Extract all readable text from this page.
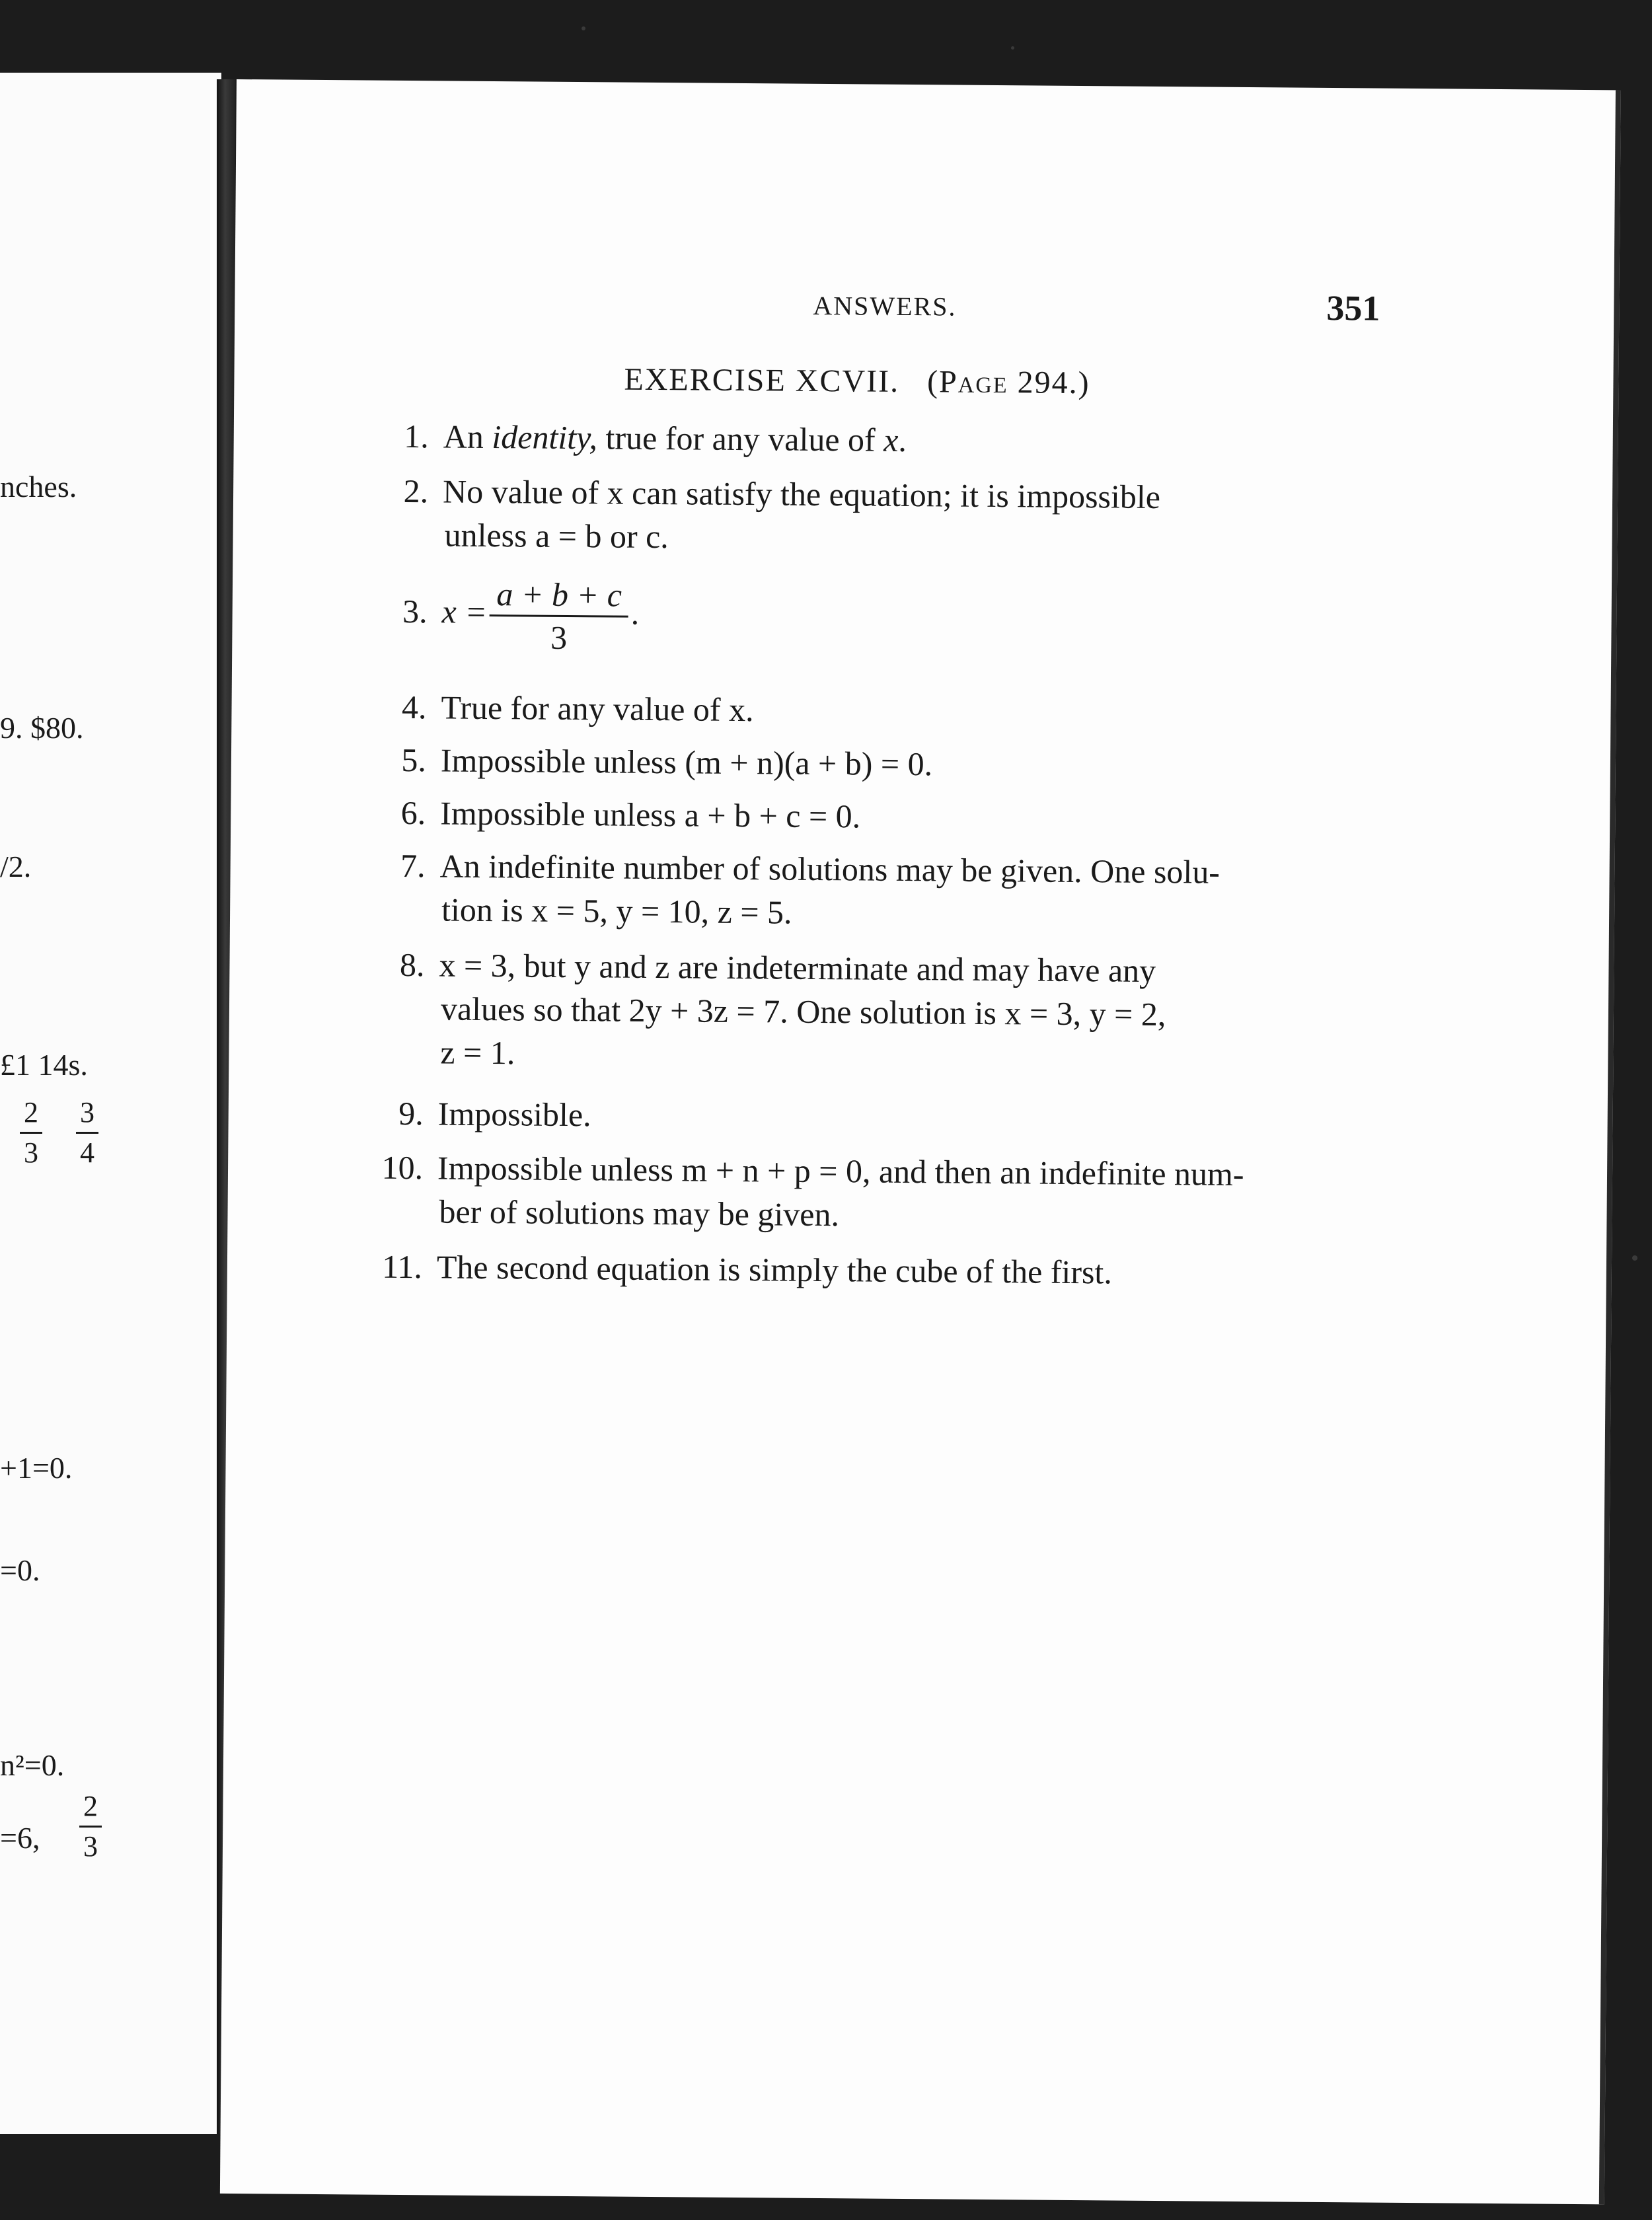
nches.
9. $80.
/2.
£1 14s.
$\frac{2}{3} \frac{3}{4}$
+1=0.
=0.
n²=0.
=6, $\frac{2}{3}$
ANSWERS.	351
EXERCISE XCVII. (Page 294.)
1. An identity, true for any value of x.
2. No value of x can satisfy the equation; it is impossible
unless a = b or c.
3. $x = \frac{a + b + c}{3}$ .
4. True for any value of x.
5. Impossible unless (m + n)(a + b) = 0.
6. Impossible unless a + b + c = 0.
7. An indefinite number of solutions may be given. One solu-
tion is x = 5, y = 10, z = 5.
8. x = 3, but y and z are indeterminate and may have any
values so that 2y + 3z = 7. One solution is x = 3, y = 2,
z = 1.
9. Impossible.
10. Impossible unless m + n + p = 0, and then an indefinite num-
ber of solutions may be given.
11. The second equation is simply the cube of the first.
